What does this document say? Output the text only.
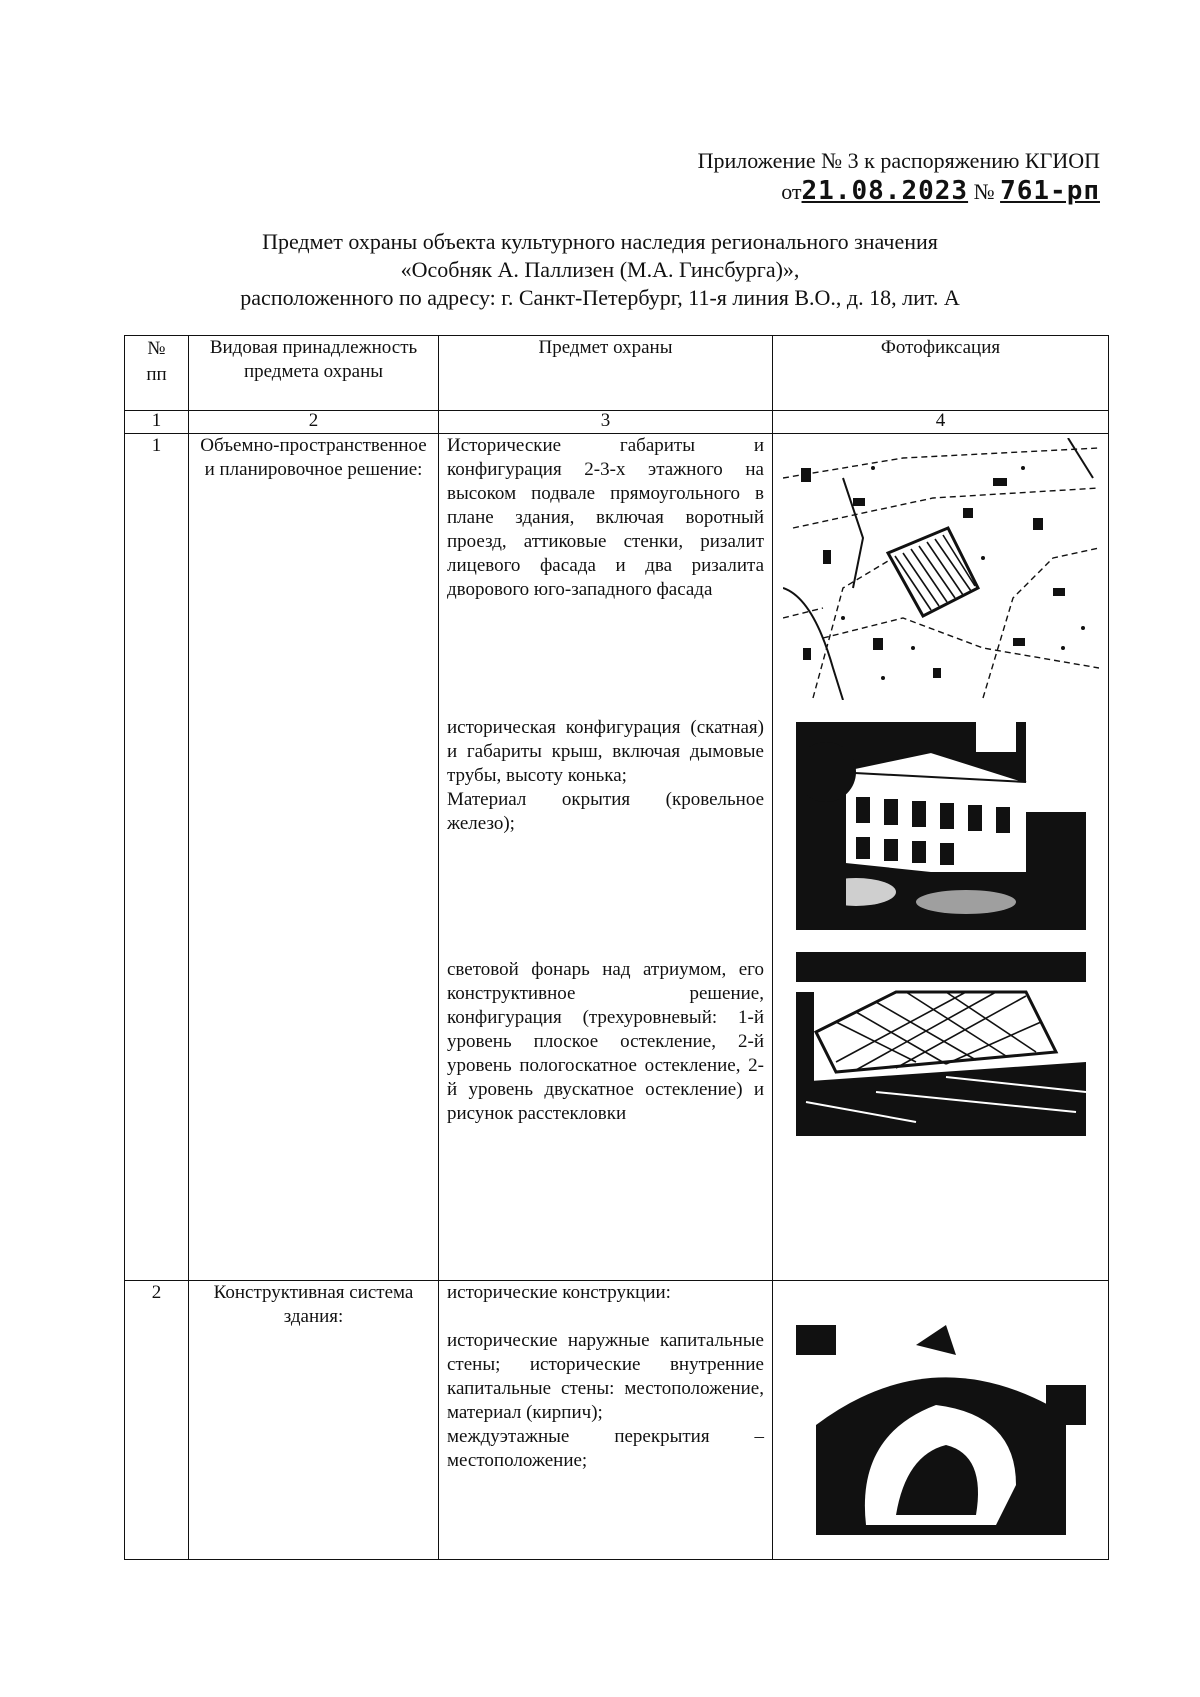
Приложение № 3 к распоряжению КГИОП
от21.08.2023 № 761-рп
Предмет охраны объекта культурного наследия регионального значения
«Особняк А. Паллизен (М.А. Гинсбурга)»,
расположенного по адресу: г. Санкт-Петербург, 11-я линия В.О., д. 18, лит. А
№ пп	Видовая принадлежность предмета охраны	Предмет охраны	Фотофиксация
1	2	3	4
1	Объемно-пространственное и планировочное решение:	Исторические габариты и конфигурация 2-3-х этажного на высоком подвале прямоугольного в плане здания, включая воротный проезд, аттиковые стенки, ризалит лицевого фасада и два ризалита дворового юго-западного фасада
историческая конфигурация (скатная) и габариты крыш, включая дымовые трубы, высоту конька;
Материал окрытия (кровельное железо);
световой фонарь над атриумом, его конструктивное решение, конфигурация (трехуровневый: 1-й уровень плоское остекление, 2-й уровень пологоскатное остекление, 2-й уровень двускатное остекление) и рисунок расстекловки

2	Конструктивная система здания:	исторические конструкции:
исторические наружные капитальные стены; исторические внутренние капитальные стены: местоположение, материал (кирпич);
междуэтажные перекрытия – местоположение;
